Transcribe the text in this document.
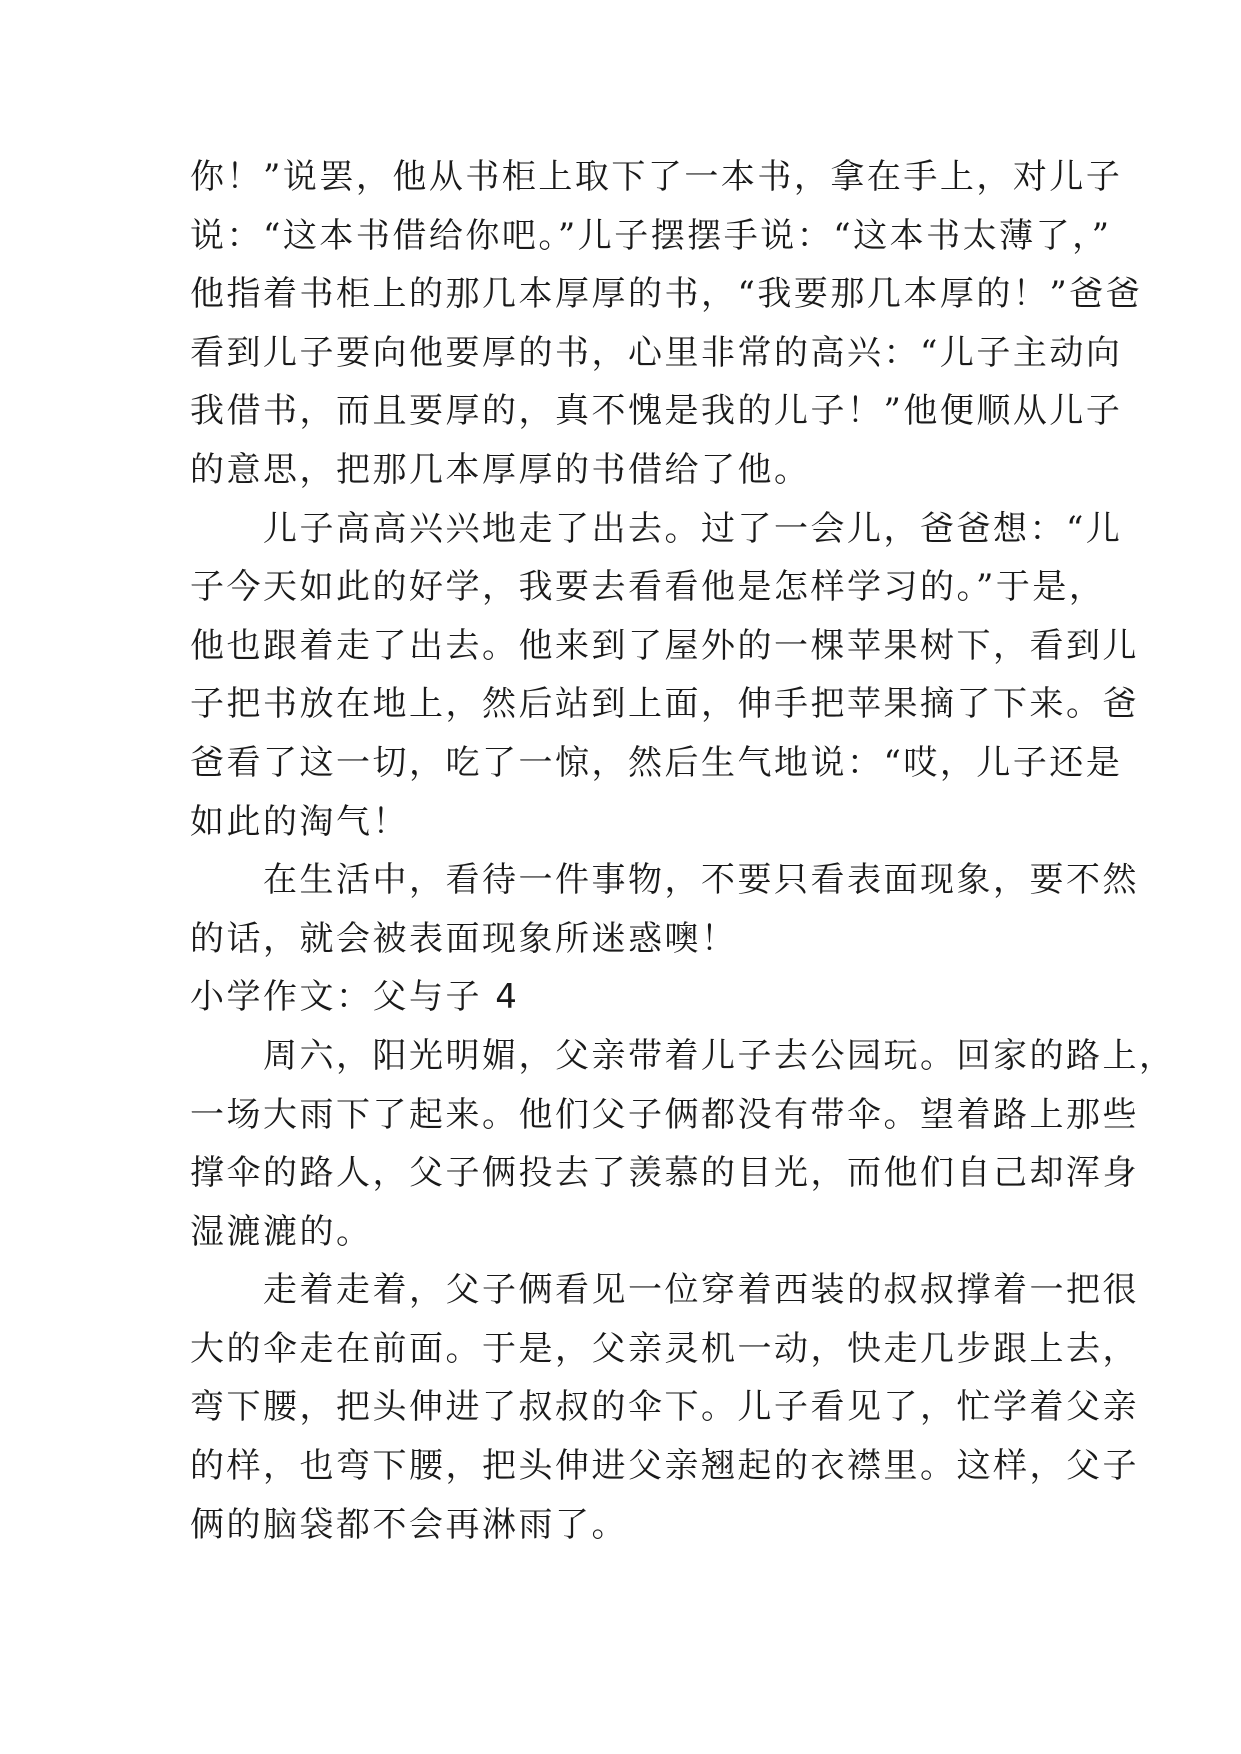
你！”说罢，他从书柜上取下了一本书，拿在手上，对儿子
说：“这本书借给你吧。”儿子摆摆手说：“这本书太薄了，”
他指着书柜上的那几本厚厚的书，“我要那几本厚的！”爸爸
看到儿子要向他要厚的书，心里非常的高兴：“儿子主动向
我借书，而且要厚的，真不愧是我的儿子！”他便顺从儿子
的意思，把那几本厚厚的书借给了他。
　　儿子高高兴兴地走了出去。过了一会儿，爸爸想：“儿
子今天如此的好学，我要去看看他是怎样学习的。”于是，
他也跟着走了出去。他来到了屋外的一棵苹果树下，看到儿
子把书放在地上，然后站到上面，伸手把苹果摘了下来。爸
爸看了这一切，吃了一惊，然后生气地说：“哎，儿子还是
如此的淘气！
　　在生活中，看待一件事物，不要只看表面现象，要不然
的话，就会被表面现象所迷惑噢！
小学作文：父与子 4
　　周六，阳光明媚，父亲带着儿子去公园玩。回家的路上，
一场大雨下了起来。他们父子俩都没有带伞。望着路上那些
撑伞的路人，父子俩投去了羡慕的目光，而他们自己却浑身
湿漉漉的。
　　走着走着，父子俩看见一位穿着西装的叔叔撑着一把很
大的伞走在前面。于是，父亲灵机一动，快走几步跟上去，
弯下腰，把头伸进了叔叔的伞下。儿子看见了，忙学着父亲
的样，也弯下腰，把头伸进父亲翘起的衣襟里。这样，父子
俩的脑袋都不会再淋雨了。
